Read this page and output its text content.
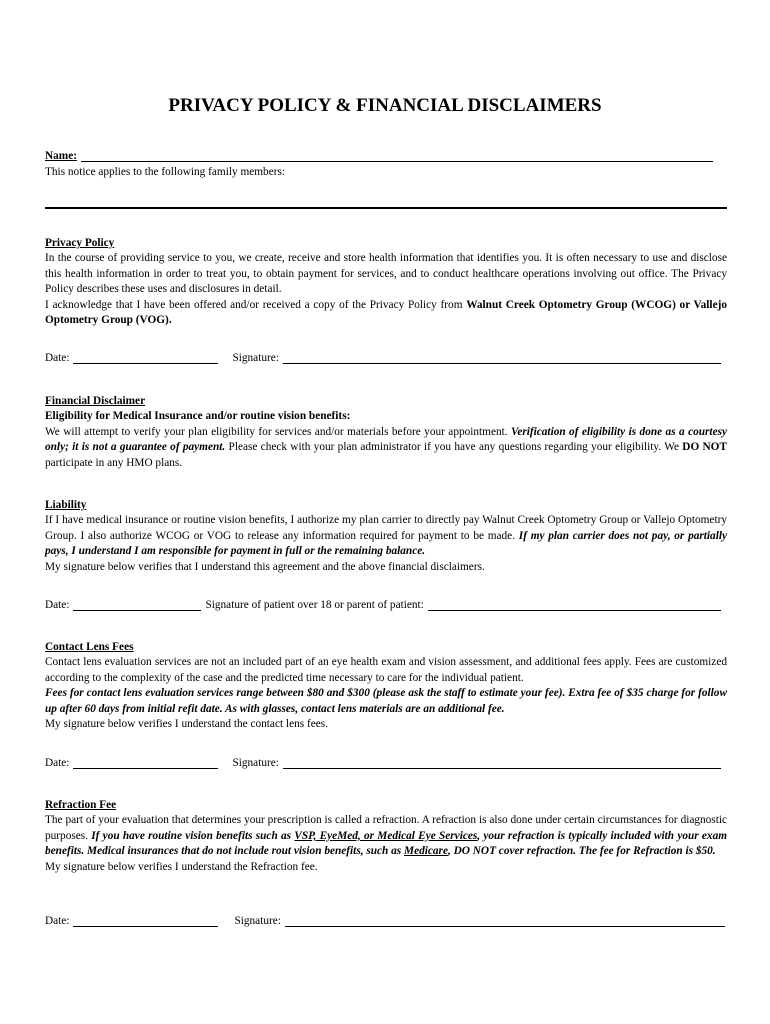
PRIVACY POLICY & FINANCIAL DISCLAIMERS
Name:
This notice applies to the following family members:
Privacy Policy
In the course of providing service to you, we create, receive and store health information that identifies you. It is often necessary to use and disclose this health information in order to treat you, to obtain payment for services, and to conduct healthcare operations involving out office. The Privacy Policy describes these uses and disclosures in detail.
I acknowledge that I have been offered and/or received a copy of the Privacy Policy from Walnut Creek Optometry Group (WCOG) or Vallejo Optometry Group (VOG).
Date:	Signature:
Financial Disclaimer
Eligibility for Medical Insurance and/or routine vision benefits:
We will attempt to verify your plan eligibility for services and/or materials before your appointment. Verification of eligibility is done as a courtesy only; it is not a guarantee of payment. Please check with your plan administrator if you have any questions regarding your eligibility. We DO NOT participate in any HMO plans.
Liability
If I have medical insurance or routine vision benefits, I authorize my plan carrier to directly pay Walnut Creek Optometry Group or Vallejo Optometry Group. I also authorize WCOG or VOG to release any information required for payment to be made. If my plan carrier does not pay, or partially pays, I understand I am responsible for payment in full or the remaining balance.
My signature below verifies that I understand this agreement and the above financial disclaimers.
Date:	Signature of patient over 18 or parent of patient:
Contact Lens Fees
Contact lens evaluation services are not an included part of an eye health exam and vision assessment, and additional fees apply. Fees are customized according to the complexity of the case and the predicted time necessary to care for the individual patient.
Fees for contact lens evaluation services range between $80 and $300 (please ask the staff to estimate your fee). Extra fee of $35 charge for follow up after 60 days from initial refit date. As with glasses, contact lens materials are an additional fee.
My signature below verifies I understand the contact lens fees.
Date:	Signature:
Refraction Fee
The part of your evaluation that determines your prescription is called a refraction. A refraction is also done under certain circumstances for diagnostic purposes. If you have routine vision benefits such as VSP, EyeMed, or Medical Eye Services, your refraction is typically included with your exam benefits. Medical insurances that do not include rout vision benefits, such as Medicare, DO NOT cover refraction. The fee for Refraction is $50.
My signature below verifies I understand the Refraction fee.
Date:	Signature:
